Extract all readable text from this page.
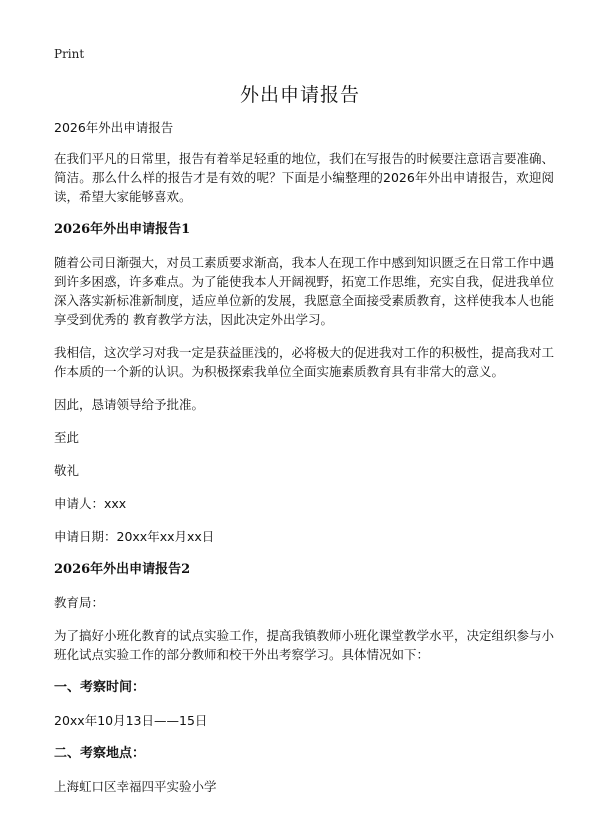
Print
外出申请报告

2026年外出申请报告

在我们平凡的日常里，报告有着举足轻重的地位，我们在写报告的时候要注意语言要准确、简洁。那么什么样的报告才是有效的呢？下面是小编整理的2026年外出申请报告，欢迎阅读，希望大家能够喜欢。

2026年外出申请报告1

随着公司日渐强大，对员工素质要求渐高，我本人在现工作中感到知识匮乏在日常工作中遇到许多困惑，许多难点。为了能使我本人开阔视野，拓宽工作思维，充实自我，促进我单位深入落实新标准新制度，适应单位新的发展，我愿意全面接受素质教育，这样使我本人也能享受到优秀的 教育教学方法，因此决定外出学习。

我相信，这次学习对我一定是获益匪浅的，必将极大的促进我对工作的积极性，提高我对工作本质的一个新的认识。为积极探索我单位全面实施素质教育具有非常大的意义。

因此，恳请领导给予批准。

至此

敬礼

申请人：xxx

申请日期：20xx年xx月xx日

2026年外出申请报告2

教育局：

为了搞好小班化教育的试点实验工作，提高我镇教师小班化课堂教学水平，决定组织参与小班化试点实验工作的部分教师和校干外出考察学习。具体情况如下：

一、考察时间：

20xx年10月13日——15日

二、考察地点：

上海虹口区幸福四平实验小学
